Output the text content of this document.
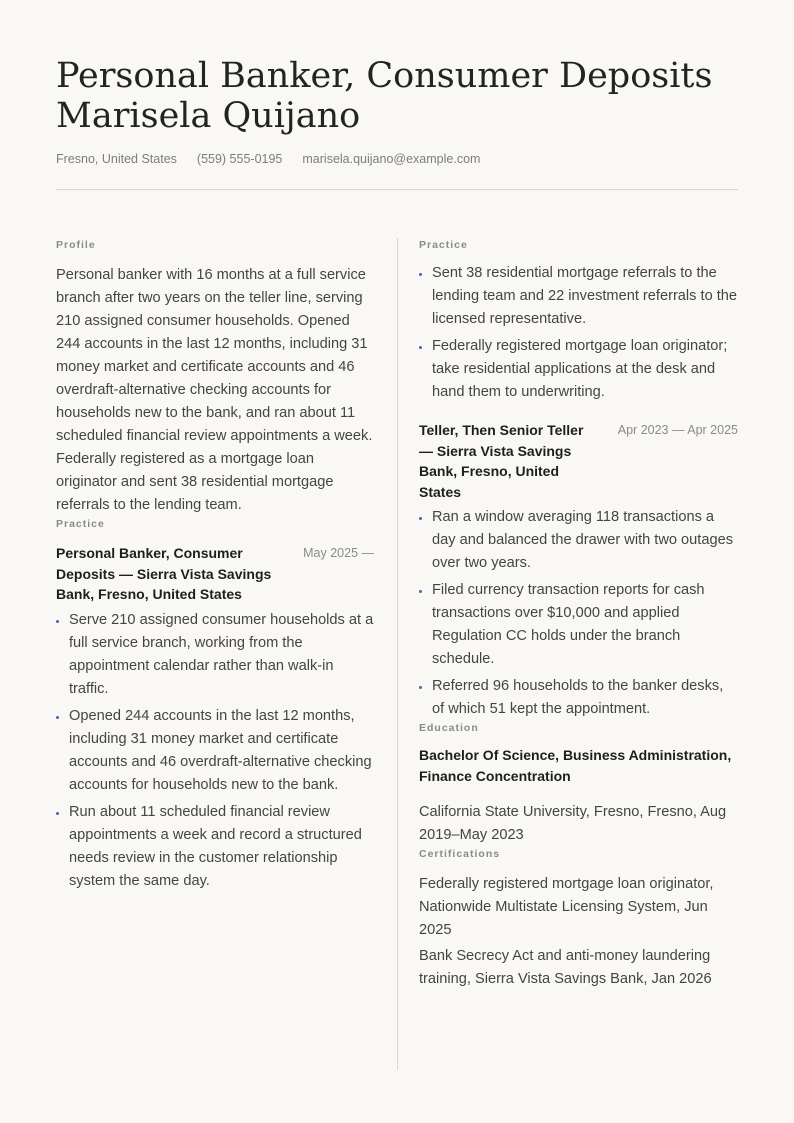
Personal Banker, Consumer Deposits
Marisela Quijano
Fresno, United States (559) 555-0195 marisela.quijano@example.com

Profile

Personal banker with 16 months at a full service branch after two years on the teller line, serving 210 assigned consumer households. Opened 244 accounts in the last 12 months, including 31 money market and certificate accounts and 46 overdraft-alternative checking accounts for households new to the bank, and ran about 11 scheduled financial review appointments a week. Federally registered as a mortgage loan originator and sent 38 residential mortgage referrals to the lending team.

Practice

Personal Banker, Consumer Deposits — Sierra Vista Savings Bank, Fresno, United States
May 2025 —
Serve 210 assigned consumer households at a full service branch, working from the appointment calendar rather than walk-in traffic.
Opened 244 accounts in the last 12 months, including 31 money market and certificate accounts and 46 overdraft-alternative checking accounts for households new to the bank.
Run about 11 scheduled financial review appointments a week and record a structured needs review in the customer relationship system the same day.

Practice

Sent 38 residential mortgage referrals to the lending team and 22 investment referrals to the licensed representative.
Federally registered mortgage loan originator; take residential applications at the desk and hand them to underwriting.
Teller, Then Senior Teller — Sierra Vista Savings Bank, Fresno, United States
Apr 2023 — Apr 2025
Ran a window averaging 118 transactions a day and balanced the drawer with two outages over two years.
Filed currency transaction reports for cash transactions over $10,000 and applied Regulation CC holds under the branch schedule.
Referred 96 households to the banker desks, of which 51 kept the appointment.

Education

Bachelor Of Science, Business Administration, Finance Concentration

California State University, Fresno, Fresno, Aug 2019–May 2023

Certifications

Federally registered mortgage loan originator, Nationwide Multistate Licensing System, Jun 2025
Bank Secrecy Act and anti-money laundering training, Sierra Vista Savings Bank, Jan 2026
